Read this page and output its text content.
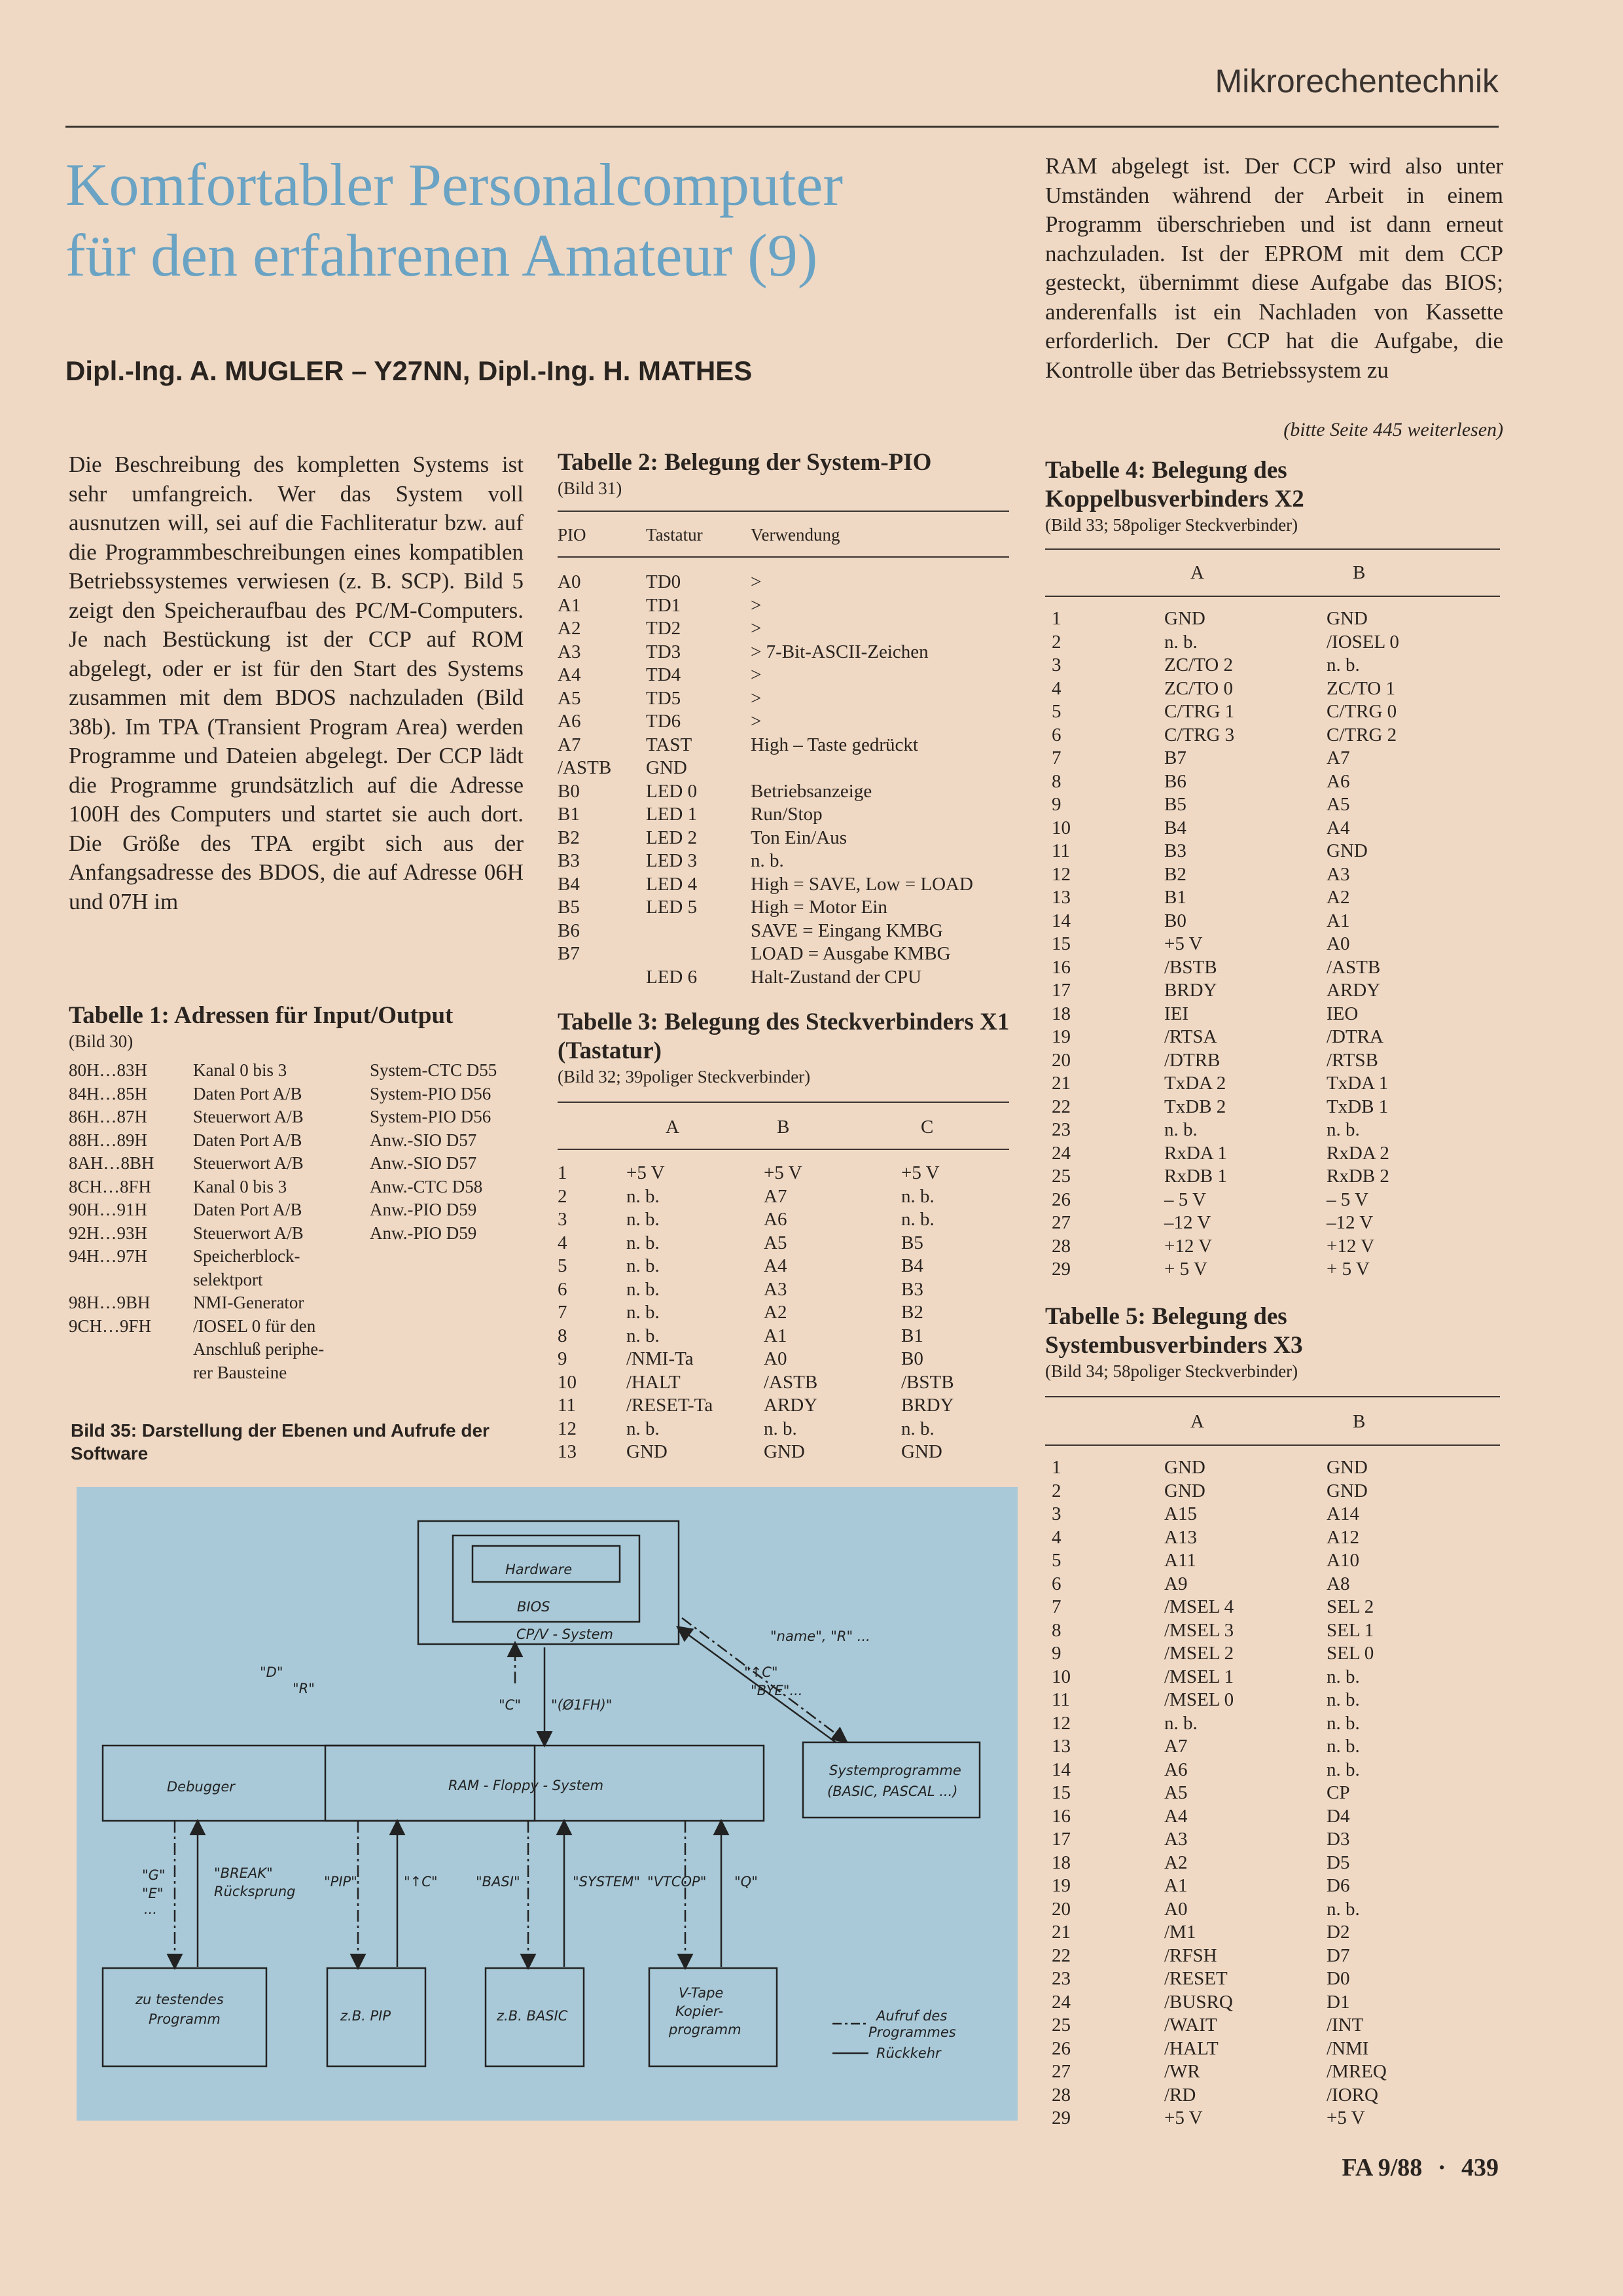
Mikrorechentechnik
Komfortabler Personalcomputer
für den erfahrenen Amateur (9)
Dipl.-Ing. A. MUGLER – Y27NN, Dipl.-Ing. H. MATHES
Die Beschreibung des kompletten Systems ist sehr umfangreich. Wer das System voll ausnutzen will, sei auf die Fachliteratur bzw. auf die Programmbeschreibungen eines kompatiblen Betriebssystemes verwiesen (z. B. SCP). Bild 5 zeigt den Speicheraufbau des PC/M-Computers. Je nach Bestückung ist der CCP auf ROM abgelegt, oder er ist für den Start des Systems zusammen mit dem BDOS nachzuladen (Bild 38b). Im TPA (Transient Program Area) werden Programme und Dateien abgelegt. Der CCP lädt die Programme grundsätzlich auf die Adresse 100H des Computers und startet sie auch dort. Die Größe des TPA ergibt sich aus der Anfangsadresse des BDOS, die auf Adresse 06H und 07H im
Tabelle 1: Adressen für Input/Output
(Bild 30)
80H…83H	Kanal 0 bis 3	System-CTC D55
84H…85H	Daten Port A/B	System-PIO D56
86H…87H	Steuerwort A/B	System-PIO D56
88H…89H	Daten Port A/B	Anw.-SIO D57
8AH…8BH	Steuerwort A/B	Anw.-SIO D57
8CH…8FH	Kanal 0 bis 3	Anw.-CTC D58
90H…91H	Daten Port A/B	Anw.-PIO D59
92H…93H	Steuerwort A/B	Anw.-PIO D59
94H…97H	Speicherblock-	
	selektport	
98H…9BH	NMI-Generator	
9CH…9FH	/IOSEL 0 für den	
	Anschluß periphe-	
	rer Bausteine	
Bild 35: Darstellung der Ebenen und Aufrufe der Software
Tabelle 2: Belegung der System-PIO
(Bild 31)
PIO	Tastatur	Verwendung
A0	TD0	>
A1	TD1	>
A2	TD2	>
A3	TD3	> 7-Bit-ASCII-Zeichen
A4	TD4	>
A5	TD5	>
A6	TD6	>
A7	TAST	High – Taste gedrückt
/ASTB	GND	
B0	LED 0	Betriebsanzeige
B1	LED 1	Run/Stop
B2	LED 2	Ton Ein/Aus
B3	LED 3	n. b.
B4	LED 4	High = SAVE, Low = LOAD
B5	LED 5	High = Motor Ein
B6		SAVE = Eingang KMBG
B7		LOAD = Ausgabe KMBG
	LED 6	Halt-Zustand der CPU
Tabelle 3: Belegung des Steckverbinders X1 (Tastatur)
(Bild 32; 39poliger Steckverbinder)
	A	B	C
1	+5 V	+5 V	+5 V
2	n. b.	A7	n. b.
3	n. b.	A6	n. b.
4	n. b.	A5	B5
5	n. b.	A4	B4
6	n. b.	A3	B3
7	n. b.	A2	B2
8	n. b.	A1	B1
9	/NMI-Ta	A0	B0
10	/HALT	/ASTB	/BSTB
11	/RESET-Ta	ARDY	BRDY
12	n. b.	n. b.	n. b.
13	GND	GND	GND
RAM abgelegt ist. Der CCP wird also unter Umständen während der Arbeit in einem Programm überschrieben und ist dann erneut nachzuladen. Ist der EPROM mit dem CCP gesteckt, übernimmt diese Aufgabe das BIOS; anderenfalls ist ein Nachladen von Kassette erforderlich. Der CCP hat die Aufgabe, die Kontrolle über das Betriebssystem zu
(bitte Seite 445 weiterlesen)
Tabelle 4: Belegung des Koppelbusverbinders X2
(Bild 33; 58poliger Steckverbinder)
	A	B
1	GND	GND
2	n. b.	/IOSEL 0
3	ZC/TO 2	n. b.
4	ZC/TO 0	ZC/TO 1
5	C/TRG 1	C/TRG 0
6	C/TRG 3	C/TRG 2
7	B7	A7
8	B6	A6
9	B5	A5
10	B4	A4
11	B3	GND
12	B2	A3
13	B1	A2
14	B0	A1
15	+5 V	A0
16	/BSTB	/ASTB
17	BRDY	ARDY
18	IEI	IEO
19	/RTSA	/DTRA
20	/DTRB	/RTSB
21	TxDA 2	TxDA 1
22	TxDB 2	TxDB 1
23	n. b.	n. b.
24	RxDA 1	RxDA 2
25	RxDB 1	RxDB 2
26	– 5 V	– 5 V
27	–12 V	–12 V
28	+12 V	+12 V
29	+ 5 V	+ 5 V
Tabelle 5: Belegung des Systembusverbinders X3
(Bild 34; 58poliger Steckverbinder)
	A	B
1	GND	GND
2	GND	GND
3	A15	A14
4	A13	A12
5	A11	A10
6	A9	A8
7	/MSEL 4	SEL 2
8	/MSEL 3	SEL 1
9	/MSEL 2	SEL 0
10	/MSEL 1	n. b.
11	/MSEL 0	n. b.
12	n. b.	n. b.
13	A7	n. b.
14	A6	n. b.
15	A5	CP
16	A4	D4
17	A3	D3
18	A2	D5
19	A1	D6
20	A0	n. b.
21	/M1	D2
22	/RFSH	D7
23	/RESET	D0
24	/BUSRQ	D1
25	/WAIT	/INT
26	/HALT	/NMI
27	/WR	/MREQ
28	/RD	/IORQ
29	+5 V	+5 V
Hardware
BIOS
CP/V - System
Debugger	RAM - Floppy - System
Systemprogramme
(BASIC, PASCAL ...)
zu testendes
Programm	z.B. PIP	z.B. BASIC
V-Tape
Kopier-
programm
Aufruf des
Programmes
Rückkehr
"C" "(Ø1FH)"
"D"
"R"
"name", "R" ...
"↑C"
"BYE"...
"G"
"E"
...
"BREAK"
Rücksprung
"PIP"	"↑C"	"BASI"	"SYSTEM" "VTCOP" "Q"
FA 9/88 · 439
